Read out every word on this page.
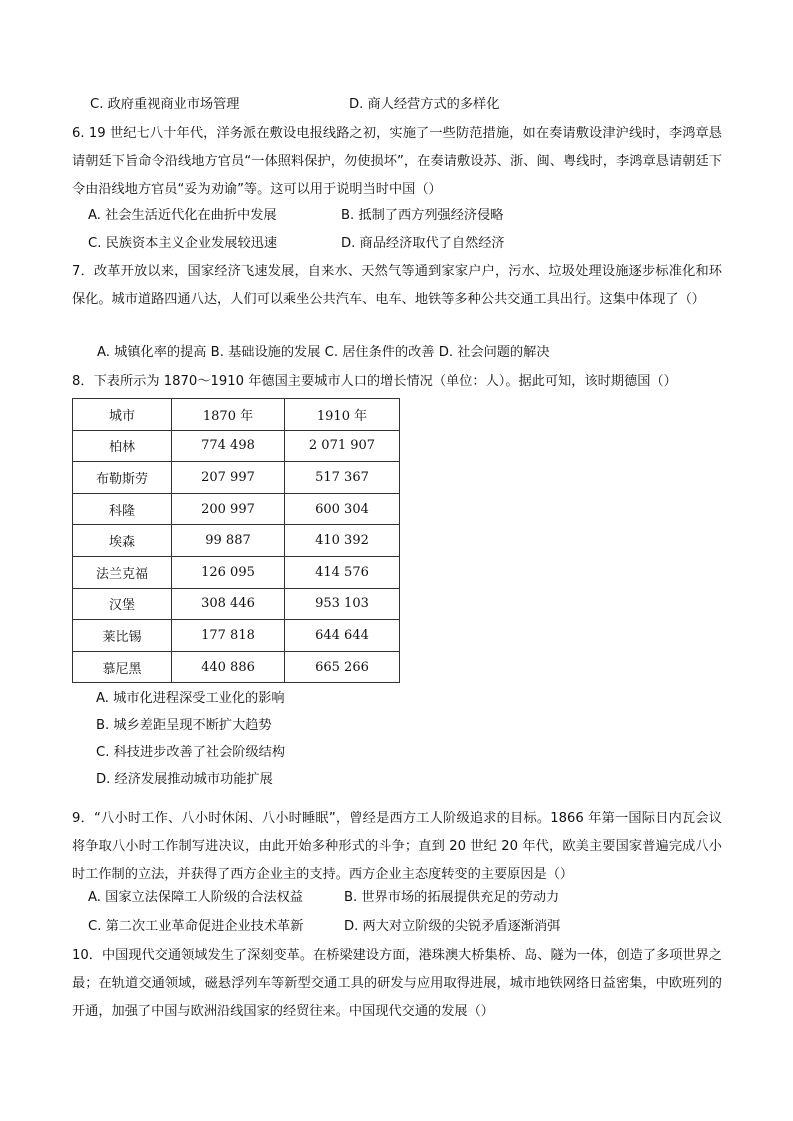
C. 政府重视商业市场管理	D. 商人经营方式的多样化
6. 19 世纪七八十年代，洋务派在敷设电报线路之初，实施了一些防范措施，如在奏请敷设津沪线时，李鸿章恳请朝廷下旨命令沿线地方官员“一体照料保护，勿使损坏”，在奏请敷设苏、浙、闽、粤线时，李鸿章恳请朝廷下令由沿线地方官员“妥为劝谕”等。这可以用于说明当时中国（）
A. 社会生活近代化在曲折中发展	B. 抵制了西方列强经济侵略
C. 民族资本主义企业发展较迅速	D. 商品经济取代了自然经济
7．改革开放以来，国家经济飞速发展，自来水、天然气等通到家家户户，污水、垃圾处理设施逐步标准化和环保化。城市道路四通八达，人们可以乘坐公共汽车、电车、地铁等多种公共交通工具出行。这集中体现了（）
A. 城镇化率的提高 B. 基础设施的发展 C. 居住条件的改善 D. 社会问题的解决
8．下表所示为 1870～1910 年德国主要城市人口的增长情况（单位：人）。据此可知，该时期德国（）
城市	1870 年	1910 年
柏林	774 498	2 071 907
布勒斯劳	207 997	517 367
科隆	200 997	600 304
埃森	99 887	410 392
法兰克福	126 095	414 576
汉堡	308 446	953 103
莱比锡	177 818	644 644
慕尼黑	440 886	665 266
A. 城市化进程深受工业化的影响
B. 城乡差距呈现不断扩大趋势
C. 科技进步改善了社会阶级结构
D. 经济发展推动城市功能扩展
9．“八小时工作、八小时休闲、八小时睡眠”，曾经是西方工人阶级追求的目标。1866 年第一国际日内瓦会议将争取八小时工作制写进决议，由此开始多种形式的斗争；直到 20 世纪 20 年代，欧美主要国家普遍完成八小时工作制的立法，并获得了西方企业主的支持。西方企业主态度转变的主要原因是（）
A. 国家立法保障工人阶级的合法权益	B. 世界市场的拓展提供充足的劳动力
C. 第二次工业革命促进企业技术革新	D. 两大对立阶级的尖锐矛盾逐渐消弭
10．中国现代交通领域发生了深刻变革。在桥梁建设方面，港珠澳大桥集桥、岛、隧为一体，创造了多项世界之最；在轨道交通领域，磁悬浮列车等新型交通工具的研发与应用取得进展，城市地铁网络日益密集，中欧班列的开通，加强了中国与欧洲沿线国家的经贸往来。中国现代交通的发展（）
